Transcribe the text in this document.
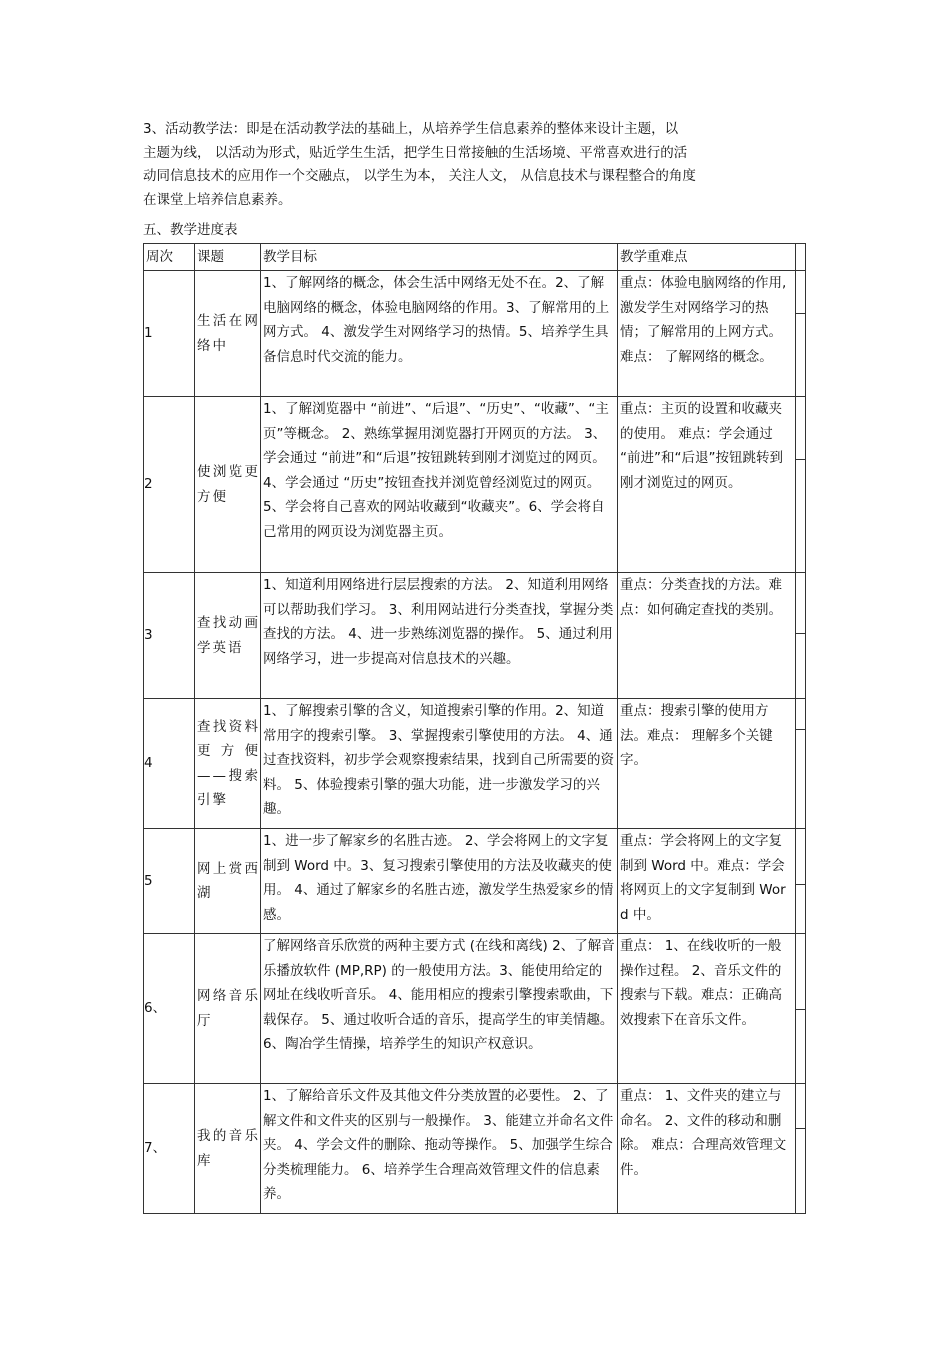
3、活动教学法：即是在活动教学法的基础上，从培养学生信息素养的整体来设计主题，以

主题为线， 以活动为形式，贴近学生生活，把学生日常接触的生活场境、平常喜欢进行的活

动同信息技术的应用作一个交融点， 以学生为本， 关注人文， 从信息技术与课程整合的角度

在课堂上培养信息素养。

五、教学进度表
周次	课题	教学目标	教学重难点	
1	生活在网络中	1、了解网络的概念，体会生活中网络无处不在。2、了解电脑网络的概念，体验电脑网络的作用。3、了解常用的上网方式。 4、激发学生对网络学习的热情。5、培养学生具备信息时代交流的能力。	重点：体验电脑网络的作用, 激发学生对网络学习的热情；了解常用的上网方式。难点： 了解网络的概念。	

2	使浏览更方便	1、了解浏览器中 “前进”、“后退”、“历史”、“收藏”、“主页”等概念。 2、熟练掌握用浏览器打开网页的方法。 3、学会通过 “前进”和“后退”按钮跳转到刚才浏览过的网页。 4、学会通过 “历史”按钮查找并浏览曾经浏览过的网页。 5、学会将自己喜欢的网站收藏到“收藏夹”。6、学会将自己常用的网页设为浏览器主页。	重点：主页的设置和收藏夹的使用。 难点：学会通过 “前进”和“后退”按钮跳转到刚才浏览过的网页。	

3	查找动画学英语	1、知道利用网络进行层层搜索的方法。 2、知道利用网络可以帮助我们学习。 3、利用网站进行分类查找，掌握分类查找的方法。 4、进一步熟练浏览器的操作。 5、通过利用网络学习，进一步提高对信息技术的兴趣。	重点：分类查找的方法。难点：如何确定查找的类别。	

4	查找资料更方便——搜索引擎	1、了解搜索引擎的含义，知道搜索引擎的作用。2、知道常用字的搜索引擎。 3、掌握搜索引擎使用的方法。 4、通过查找资料，初步学会观察搜索结果，找到自己所需要的资料。 5、体验搜索引擎的强大功能，进一步激发学习的兴趣。	重点：搜索引擎的使用方法。难点： 理解多个关键字。	

5	网上赏西湖	1、进一步了解家乡的名胜古迹。 2、学会将网上的文字复制到 Word 中。3、复习搜索引擎使用的方法及收藏夹的使用。 4、通过了解家乡的名胜古迹，激发学生热爱家乡的情感。	重点：学会将网上的文字复制到 Word 中。难点：学会将网页上的文字复制到 Word 中。	

6、	网络音乐厅	了解网络音乐欣赏的两种主要方式 (在线和离线) 2、了解音乐播放软件 (MP,RP) 的一般使用方法。3、能使用给定的网址在线收听音乐。 4、能用相应的搜索引擎搜索歌曲，下载保存。 5、通过收听合适的音乐，提高学生的审美情趣。 6、陶冶学生情操，培养学生的知识产权意识。	重点： 1、在线收听的一般操作过程。 2、音乐文件的搜索与下载。难点：正确高效搜索下在音乐文件。	

7、	我的音乐库	1、了解给音乐文件及其他文件分类放置的必要性。 2、了解文件和文件夹的区别与一般操作。 3、能建立并命名文件夹。 4、学会文件的删除、拖动等操作。 5、加强学生综合分类梳理能力。 6、培养学生合理高效管理文件的信息素养。	重点： 1、文件夹的建立与命名。 2、文件的移动和删除。 难点：合理高效管理文件。	
